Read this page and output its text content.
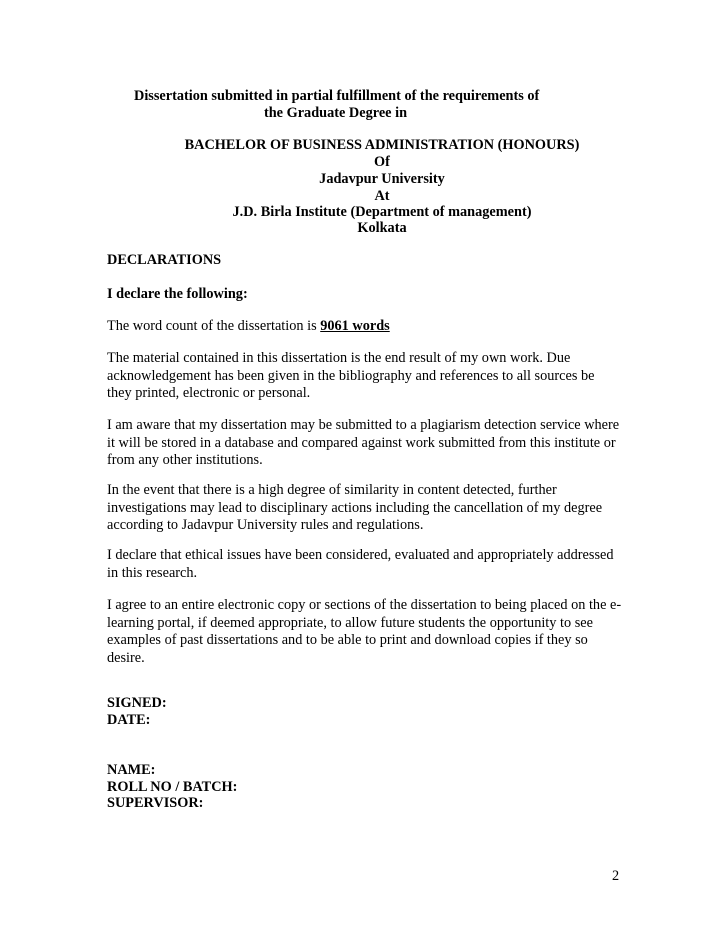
Dissertation submitted in partial fulfillment of the requirements of
the Graduate Degree in
BACHELOR OF BUSINESS ADMINISTRATION (HONOURS)
Of
Jadavpur University
At
J.D. Birla Institute (Department of management)
Kolkata
DECLARATIONS
I declare the following:
The word count of the dissertation is 9061 words
The material contained in this dissertation is the end result of my own work. Due
acknowledgement has been given in the bibliography and references to all sources be
they printed, electronic or personal.
I am aware that my dissertation may be submitted to a plagiarism detection service where
it will be stored in a database and compared against work submitted from this institute or
from any other institutions.
In the event that there is a high degree of similarity in content detected, further
investigations may lead to disciplinary actions including the cancellation of my degree
according to Jadavpur University rules and regulations.
I declare that ethical issues have been considered, evaluated and appropriately addressed
in this research.
I agree to an entire electronic copy or sections of the dissertation to being placed on the e-
learning portal, if deemed appropriate, to allow future students the opportunity to see
examples of past dissertations and to be able to print and download copies if they so
desire.
SIGNED:
DATE:
NAME:
ROLL NO / BATCH:
SUPERVISOR:
2
